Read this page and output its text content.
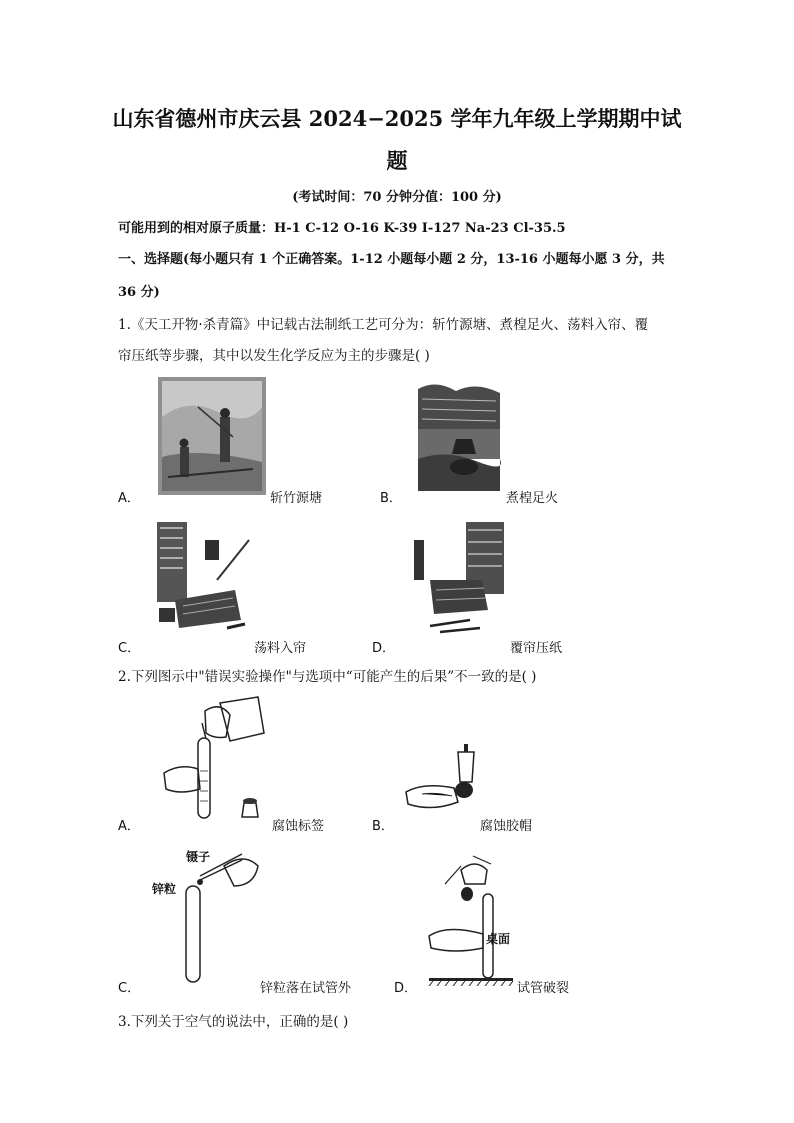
山东省德州市庆云县 2024−2025 学年九年级上学期期中试
题
(考试时间：70 分钟分值：100 分)
可能用到的相对原子质量：H-1 C-12 O-16 K-39 I-127 Na-23 Cl-35.5
一、选择题(每小题只有 1 个正确答案。1-12 小题每小题 2 分，13-16 小题每小愿 3 分，共
36 分)
1.《天工开物·杀青篇》中记载古法制纸工艺可分为：斩竹源塘、煮楻足火、荡料入帘、覆
帘压纸等步骤，其中以发生化学反应为主的步骤是( )
A．	斩竹源塘	B．	煮楻足火
C．	荡料入帘	D．	覆帘压纸
2.下列图示中"错误实验操作"与选项中“可能产生的后果”不一致的是( )
A．	腐蚀标签	B．	腐蚀胶帽
镊子
锌粒
C．	锌粒落在试管外
桌面
D．	试管破裂
3.下列关于空气的说法中，正确的是( )
